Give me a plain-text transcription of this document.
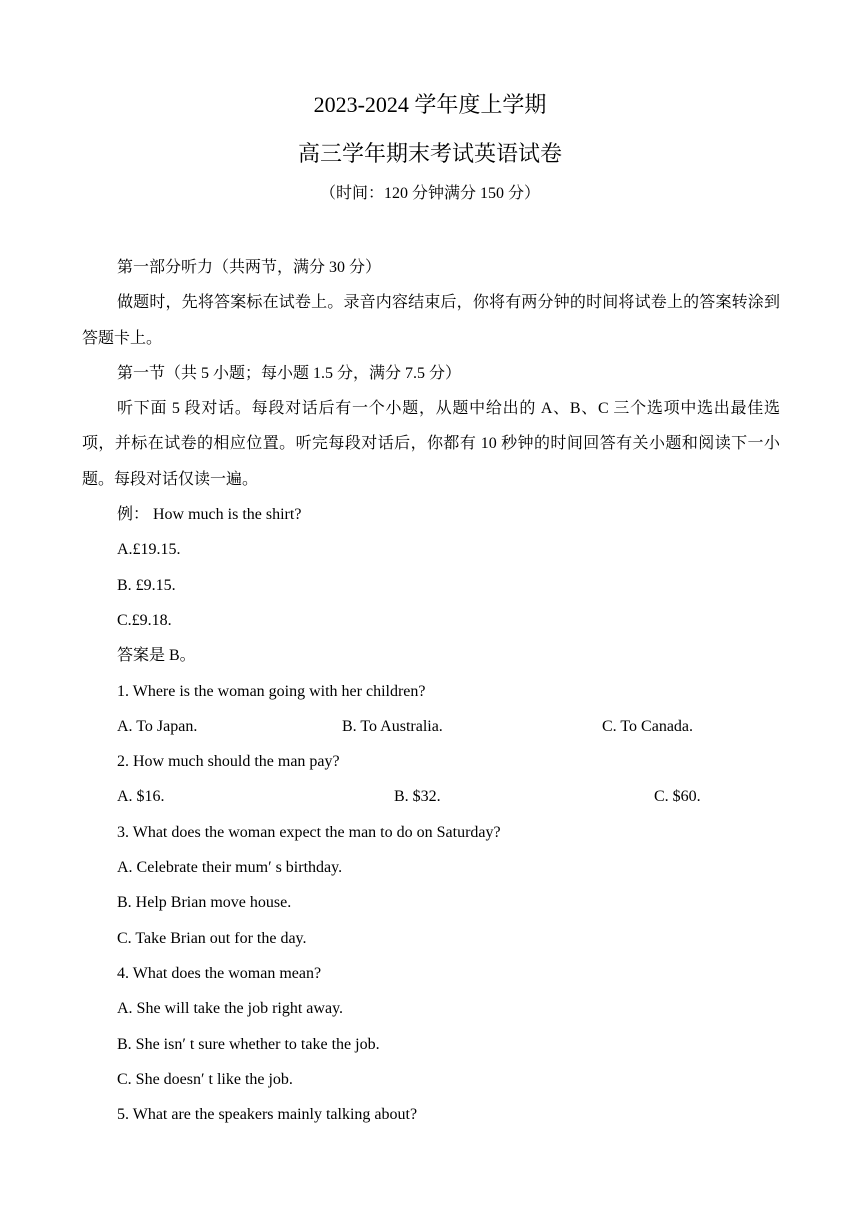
2023-2024 学年度上学期
高三学年期末考试英语试卷
（时间：120 分钟满分 150 分）

第一部分听力（共两节，满分 30 分）

做题时，先将答案标在试卷上。录音内容结束后，你将有两分钟的时间将试卷上的答案转涂到答题卡上。

第一节（共 5 小题；每小题 1.5 分，满分 7.5 分）

听下面 5 段对话。每段对话后有一个小题，从题中给出的 A、B、C 三个选项中选出最佳选项，并标在试卷的相应位置。听完每段对话后，你都有 10 秒钟的时间回答有关小题和阅读下一小题。每段对话仅读一遍。

例： How much is the shirt?

A.£19.15.

B. £9.15.

C.£9.18.

答案是 B。

1. Where is the woman going with her children?

A. To Japan.	B. To Australia.	C. To Canada.

2. How much should the man pay?

A. $16.	B. $32.	C. $60.

3. What does the woman expect the man to do on Saturday?

A. Celebrate their mum′ s birthday.

B. Help Brian move house.

C. Take Brian out for the day.

4. What does the woman mean?

A. She will take the job right away.

B. She isn′ t sure whether to take the job.

C. She doesn′ t like the job.

5. What are the speakers mainly talking about?
